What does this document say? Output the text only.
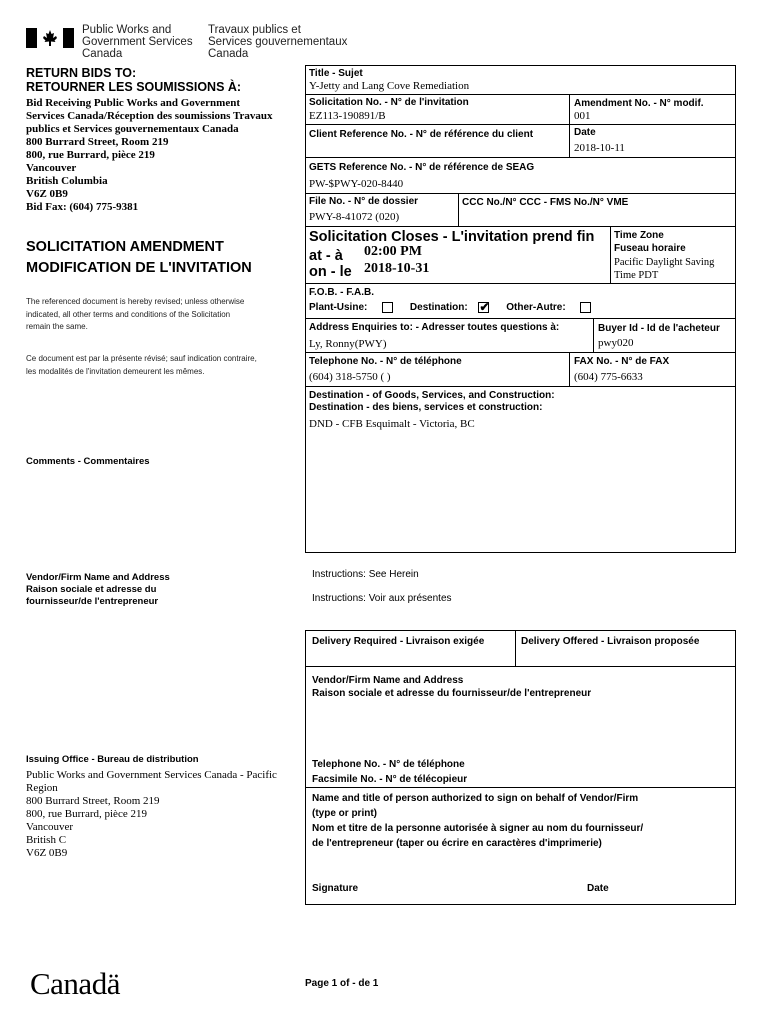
Public Works and
Government Services
Canada
Travaux publics et
Services gouvernementaux
Canada
RETURN BIDS TO:
RETOURNER LES SOUMISSIONS À:
Bid Receiving Public Works and Government
Services Canada/Réception des soumissions Travaux
publics et Services gouvernementaux Canada
800 Burrard Street, Room 219
800, rue Burrard, pièce 219
Vancouver
British Columbia
V6Z 0B9
Bid Fax: (604) 775-9381
SOLICITATION AMENDMENT
MODIFICATION DE L'INVITATION
The referenced document is hereby revised; unless otherwise
indicated, all other terms and conditions of the Solicitation
remain the same.
Ce document est par la présente révisé; sauf indication contraire,
les modalités de l'invitation demeurent les mêmes.
Comments - Commentaires
Vendor/Firm Name and Address
Raison sociale et adresse du
fournisseur/de l'entrepreneur
Issuing Office - Bureau de distribution
Public Works and Government Services Canada - Pacific
Region
800 Burrard Street, Room 219
800, rue Burrard, pièce 219
Vancouver
British C
V6Z 0B9
Title - Sujet
Y-Jetty and Lang Cove Remediation
Solicitation No. - N° de l'invitation
EZ113-190891/B
Amendment No. - N° modif.
001
Client Reference No. - N° de référence du client	Date
2018-10-11
GETS Reference No. - N° de référence de SEAG
PW-$PWY-020-8440
File No. - N° de dossier
PWY-8-41072 (020)
CCC No./N° CCC - FMS No./N° VME
Solicitation Closes - L'invitation prend fin
at - à 02:00 PM
on - le 2018-10-31
Time Zone
Fuseau horaire
Pacific Daylight Saving
Time PDT
F.O.B. - F.A.B.
Plant-Usine:	Destination: ✔ Other-Autre:
Address Enquiries to: - Adresser toutes questions à:
Ly, Ronny(PWY)
Buyer Id - Id de l'acheteur
pwy020
Telephone No. - N° de téléphone
(604) 318-5750 ( )
FAX No. - N° de FAX
(604) 775-6633
Destination - of Goods, Services, and Construction:
Destination - des biens, services et construction:
DND - CFB Esquimalt - Victoria, BC
Instructions: See Herein
Instructions: Voir aux présentes
Delivery Required - Livraison exigée	Delivery Offered - Livraison proposée
Vendor/Firm Name and Address
Raison sociale et adresse du fournisseur/de l'entrepreneur
Telephone No. - N° de téléphone
Facsimile No. - N° de télécopieur
Name and title of person authorized to sign on behalf of Vendor/Firm
(type or print)
Nom et titre de la personne autorisée à signer au nom du fournisseur/
de l'entrepreneur (taper ou écrire en caractères d'imprimerie)
Signature	Date
Canadä	Page 1 of - de 1
